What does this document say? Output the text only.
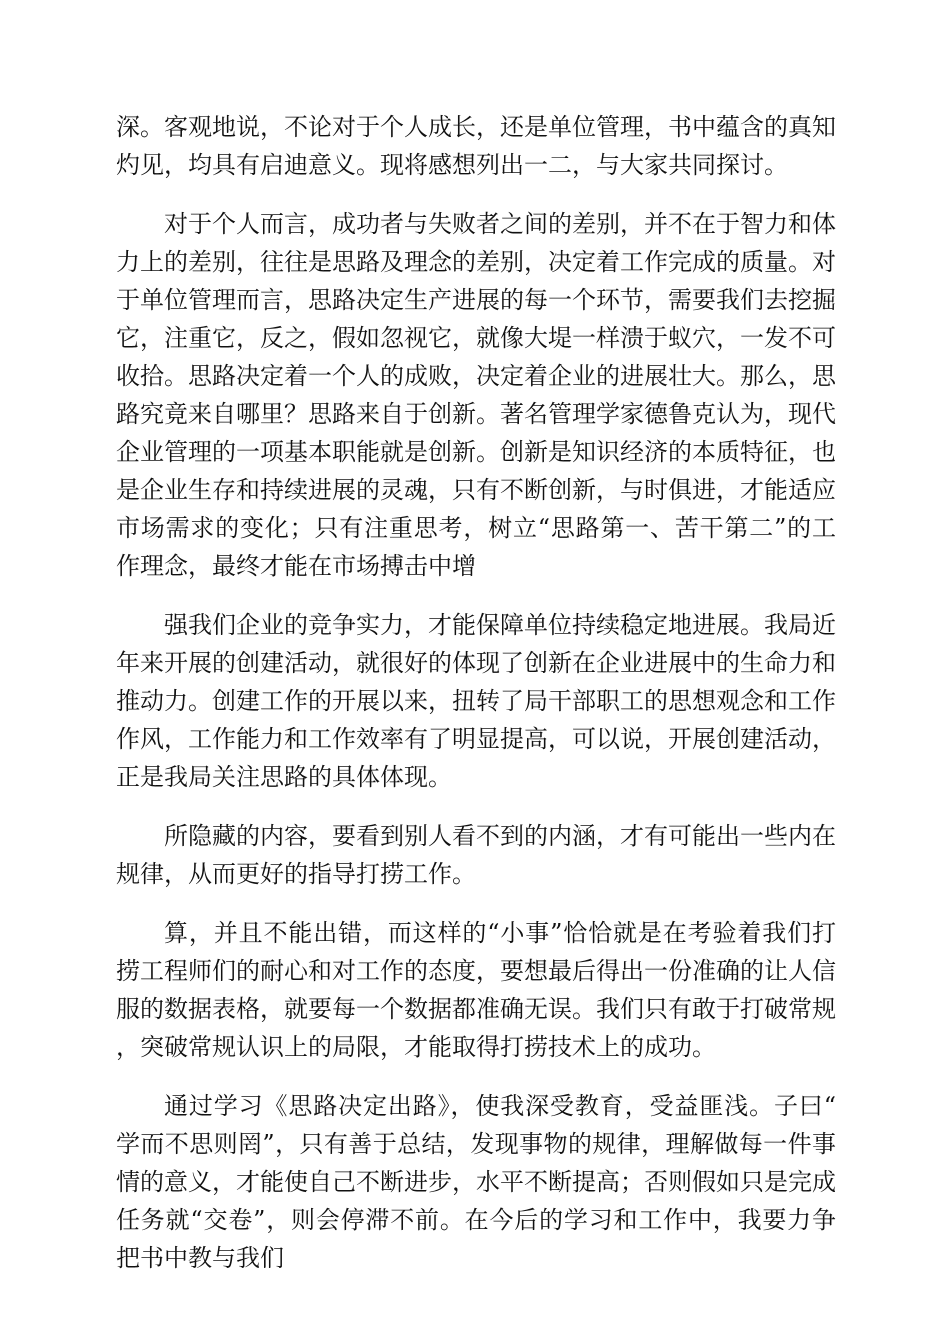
深。客观地说，不论对于个人成长，还是单位管理，书中蕴含的真知灼见，均具有启迪意义。现将感想列出一二，与大家共同探讨。

对于个人而言，成功者与失败者之间的差别，并不在于智力和体力上的差别，往往是思路及理念的差别，决定着工作完成的质量。对于单位管理而言，思路决定生产进展的每一个环节，需要我们去挖掘它，注重它，反之，假如忽视它，就像大堤一样溃于蚁穴，一发不可收拾。思路决定着一个人的成败，决定着企业的进展壮大。那么，思路究竟来自哪里？思路来自于创新。著名管理学家德鲁克认为，现代企业管理的一项基本职能就是创新。创新是知识经济的本质特征，也是企业生存和持续进展的灵魂，只有不断创新，与时俱进，才能适应市场需求的变化；只有注重思考，树立“思路第一、苦干第二”的工作理念，最终才能在市场搏击中增

强我们企业的竞争实力，才能保障单位持续稳定地进展。我局近年来开展的创建活动，就很好的体现了创新在企业进展中的生命力和推动力。创建工作的开展以来，扭转了局干部职工的思想观念和工作作风，工作能力和工作效率有了明显提高，可以说，开展创建活动，正是我局关注思路的具体体现。

所隐藏的内容，要看到别人看不到的内涵，才有可能出一些内在规律，从而更好的指导打捞工作。

算，并且不能出错，而这样的“小事”恰恰就是在考验着我们打捞工程师们的耐心和对工作的态度，要想最后得出一份准确的让人信服的数据表格，就要每一个数据都准确无误。我们只有敢于打破常规，突破常规认识上的局限，才能取得打捞技术上的成功。

通过学习《思路决定出路》，使我深受教育，受益匪浅。子曰“学而不思则罔”，只有善于总结，发现事物的规律，理解做每一件事情的意义，才能使自己不断进步，水平不断提高；否则假如只是完成任务就“交卷”，则会停滞不前。在今后的学习和工作中，我要力争把书中教与我们
